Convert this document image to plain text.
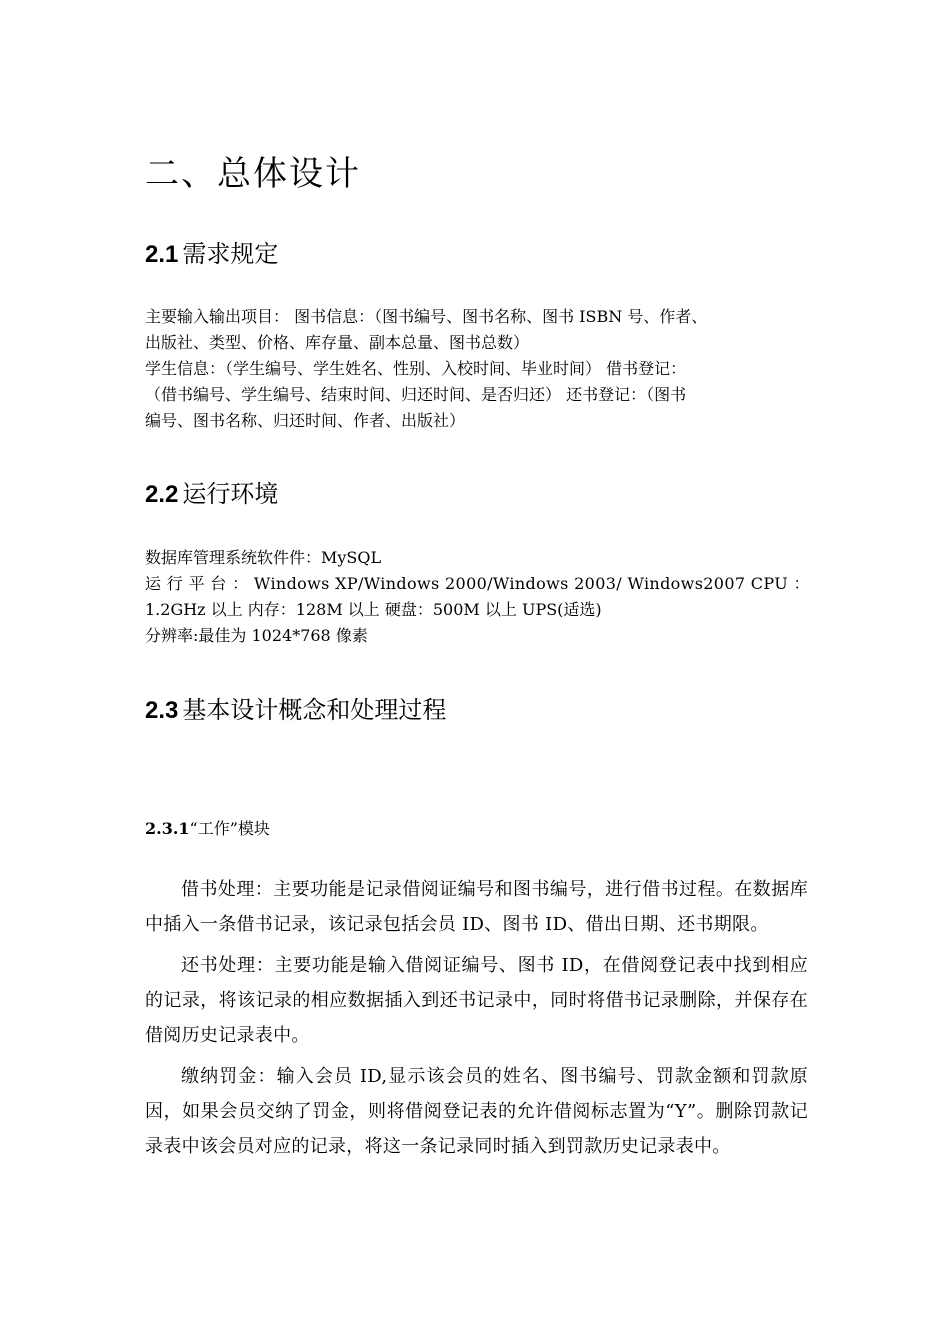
二、总体设计
2.1 需求规定
主要输入输出项目： 图书信息：（图书编号、图书名称、图书 ISBN 号、作者、
出版社、类型、价格、库存量、副本总量、图书总数）
学生信息：（学生编号、学生姓名、性别、入校时间、毕业时间） 借书登记：
（借书编号、学生编号、结束时间、归还时间、是否归还） 还书登记：（图书
编号、图书名称、归还时间、作者、出版社）
2.2 运行环境
数据库管理系统软件件：MySQL
运 行 平 台 ： Windows XP/Windows 2000/Windows 2003/ Windows2007 CPU ：
1.2GHz 以上 内存：128M 以上 硬盘：500M 以上 UPS(适选)
分辨率:最佳为 1024*768 像素
2.3 基本设计概念和处理过程
2.3.1“工作”模块
借书处理：主要功能是记录借阅证编号和图书编号，进行借书过程。在数据库中插入一条借书记录，该记录包括会员 ID、图书 ID、借出日期、还书期限。
还书处理：主要功能是输入借阅证编号、图书 ID，在借阅登记表中找到相应的记录，将该记录的相应数据插入到还书记录中，同时将借书记录删除，并保存在借阅历史记录表中。
缴纳罚金：输入会员 ID,显示该会员的姓名、图书编号、罚款金额和罚款原因，如果会员交纳了罚金，则将借阅登记表的允许借阅标志置为“Y”。删除罚款记录表中该会员对应的记录，将这一条记录同时插入到罚款历史记录表中。
